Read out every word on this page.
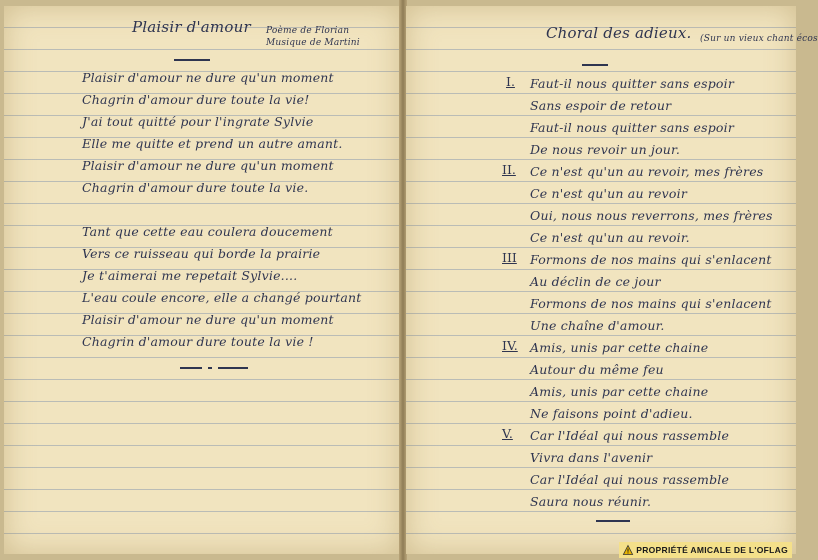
Plaisir d'amour Poème de Florian
Musique de Martini
Plaisir d'amour ne dure qu'un moment
Chagrin d'amour dure toute la vie!
J'ai tout quitté pour l'ingrate Sylvie
Elle me quitte et prend un autre amant.
Plaisir d'amour ne dure qu'un moment
Chagrin d'amour dure toute la vie.
Tant que cette eau coulera doucement
Vers ce ruisseau qui borde la prairie
Je t'aimerai me repetait Sylvie....
L'eau coule encore, elle a changé pourtant
Plaisir d'amour ne dure qu'un moment
Chagrin d'amour dure toute la vie !
Choral des adieux. (Sur un vieux chant écos
I. Faut-il nous quitter sans espoir
Sans espoir de retour
Faut-il nous quitter sans espoir
De nous revoir un jour.
II. Ce n'est qu'un au revoir, mes frères
Ce n'est qu'un au revoir
Oui, nous nous reverrons, mes frères
Ce n'est qu'un au revoir.
III Formons de nos mains qui s'enlacent
Au déclin de ce jour
Formons de nos mains qui s'enlacent
Une chaîne d'amour.
IV. Amis, unis par cette chaine
Autour du même feu
Amis, unis par cette chaine
Ne faisons point d'adieu.
V. Car l'Idéal qui nous rassemble
Vivra dans l'avenir
Car l'Idéal qui nous rassemble
Saura nous réunir.
PROPRIÉTÉ AMICALE DE L'OFLAG
